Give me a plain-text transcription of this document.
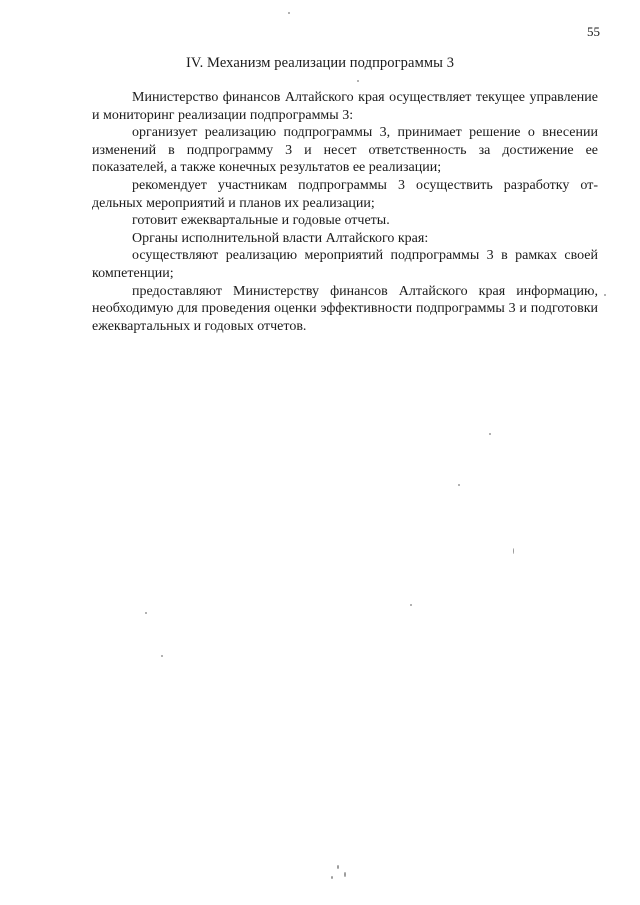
55
IV. Механизм реализации подпрограммы 3

Министерство финансов Алтайского края осуществляет текущее управление и мониторинг реализации подпрограммы 3:

организует реализацию подпрограммы 3, принимает решение о внесении изменений в подпрограмму 3 и несет ответственность за достижение ее показателей, а также конечных результатов ее реализации;

рекомендует участникам подпрограммы 3 осуществить разработку отдельных мероприятий и планов их реализации;

готовит ежеквартальные и годовые отчеты.

Органы исполнительной власти Алтайского края:

осуществляют реализацию мероприятий подпрограммы 3 в рамках своей компетенции;

предоставляют Министерству финансов Алтайского края информацию, необходимую для проведения оценки эффективности подпрограммы 3 и подготовки ежеквартальных и годовых отчетов.
